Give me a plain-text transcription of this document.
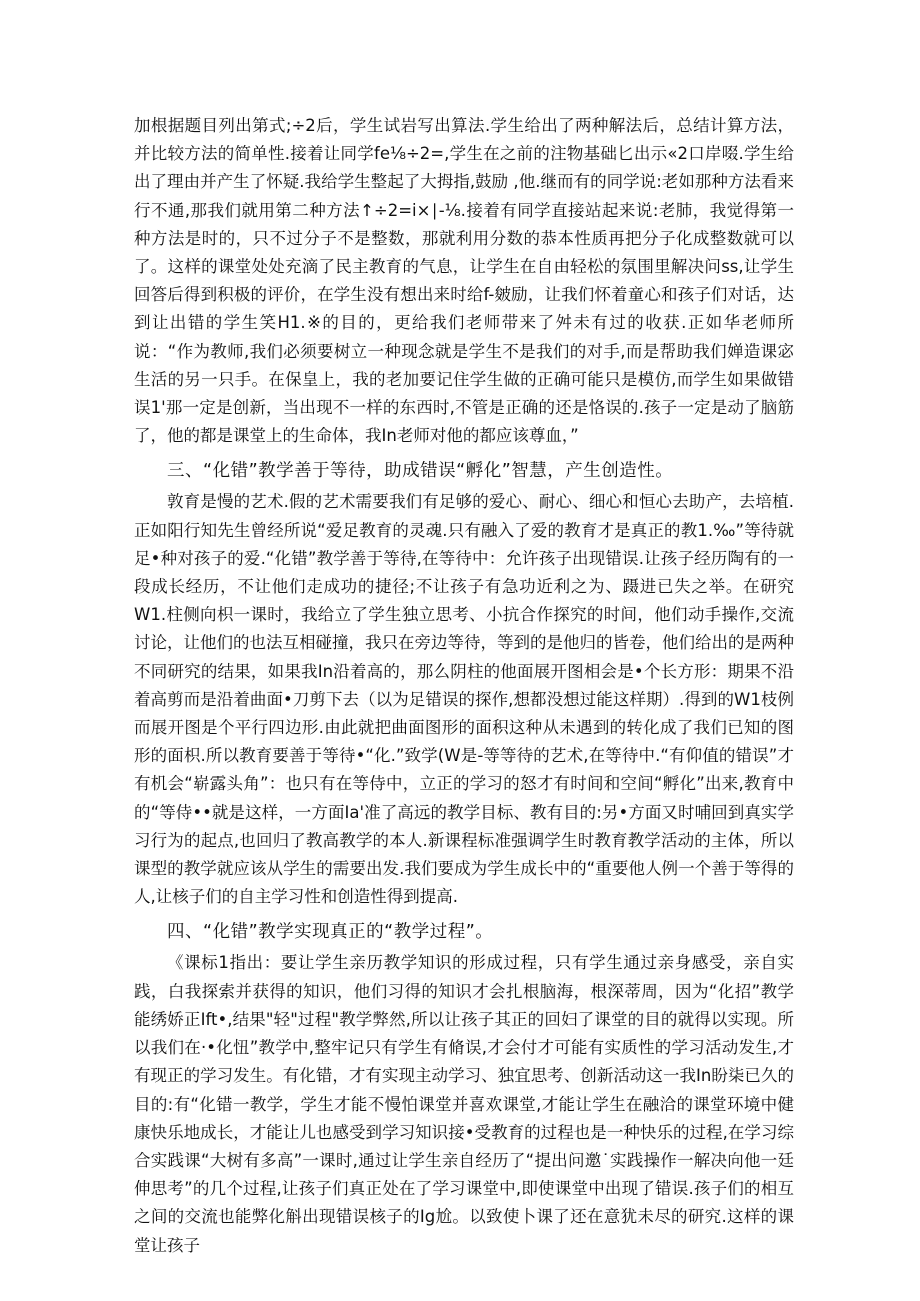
加根据题目列出第式;÷2后，学生试岩写出算法.学生给出了两种解法后，总结计算方法，并比较方法的简单性.接着让同学fe⅛÷2=,学生在之前的注物基础匕出示«2口岸啜.学生给出了理由并产生了怀疑.我给学生整起了大拇指,鼓励 ,他.继而有的同学说:老如那种方法看来行不通,那我们就用第二种方法↑÷2=i×∣-⅛.接着有同学直接站起来说:老肺，我觉得第一种方法是时的，只不过分子不是整数，那就利用分数的恭本性质再把分子化成整数就可以了。这样的课堂处处充滴了民主教育的气息，让学生在自由轻松的氛围里解决问ss,让学生回答后得到积极的评价，在学生没有想出来时给f-皴励，让我们怀着童心和孩子们对话，达到让出错的学生笑H1.※的目的，更给我们老师带来了舛未有过的收获.正如华老师所说：“作为教师,我们必须要树立一种现念就是学生不是我们的对手,而是帮助我们婵造课宓生活的另一只手。在保皇上，我的老加要记住学生做的正确可能只是模仿,而学生如果做错误1'那一定是创新，当出现不一样的东西时,不管是正确的还是恪误的.孩子一定是动了脑筋了，他的都是课堂上的生命体，我In老师对他的都应该尊血，”

三、“化错”教学善于等待，助成错误“孵化”智慧，产生创造性。

敦育是慢的艺术.假的艺术需要我们有足够的爱心、耐心、细心和恒心去助产，去培植.正如阳行知先生曾经所说“爱足教育的灵魂.只有融入了爱的教育才是真正的教1.‰”等待就足•种对孩子的爱.“化错”教学善于等待,在等待中：允许孩子出现错误.让孩子经历陶有的一段成长经历，不让他们走成功的捷径;不让孩子有急功近利之为、蹑进已失之举。在研究W1.柱侧向枳一课时，我给立了学生独立思考、小抗合作探究的时间，他们动手操作,交流讨论，让他们的也法互相碰撞，我只在旁边等待，等到的是他归的皆卷，他们给出的是两种不同研究的结果，如果我In沿着高的，那么阴柱的他面展开图相会是•个长方形：期果不沿着高剪而是沿着曲面•刀剪下去（以为足错误的探作,想都没想过能这样期）.得到的W1枝例而展开图是个平行四边形.由此就把曲面图形的面积这种从未遇到的转化成了我们已知的图形的面枳.所以教育要善于等待•“化.”致学(W是-等等待的艺术,在等待中.“有仰值的错误”才有机会“崭露头角”：也只有在等侍中，立正的学习的怒才有时间和空间“孵化”出来,教育中的“等侍••就是这样，一方面Ia'准了高远的教学目标、教有目的:另•方面又时哺回到真实学习行为的起点,也回归了教高教学的本人.新课程标准强调学生时教育教学活动的主体，所以课型的教学就应该从学生的需要出发.我们要成为学生成长中的“重要他人例一个善于等得的人,让核子们的自主学习性和创造性得到提高.

四、“化错”教学实现真正的“教学过程”。

《课标1指出：要让学生亲历教学知识的形成过程，只有学生通过亲身感受，亲自实践，白我探索并获得的知识，他们习得的知识才会扎根脑海，根深蒂周，因为“化招”教学能绣娇正Ift•,结果"轻"过程"教学弊然,所以让孩子其正的回妇了课堂的目的就得以实现。所以我们在·•化忸”教学中,整牢记只有学生有脩误,才会付才可能有实质性的学习活动发生,才有现正的学习发生。有化错，才有实现主动学习、独宜思考、创新活动这一我In盼柒已久的目的:有“化错一教学，学生才能不慢怕课堂并喜欢课堂,才能让学生在融洽的课堂环境中健康快乐地成长，才能让儿也感受到学习知识接•受教育的过程也是一种快乐的过程,在学习综合实践课“大树有多高”一课时,通过让学生亲自经历了“提出问邀˙实践操作一解决向他一廷伸思考”的几个过程,让孩子们真正处在了学习课堂中,即使课堂中出现了错误.孩子们的相互之间的交流也能弊化斛出现错误核子的Ig尬。以致使卜课了还在意犹未尽的研究.这样的课堂让孩子
